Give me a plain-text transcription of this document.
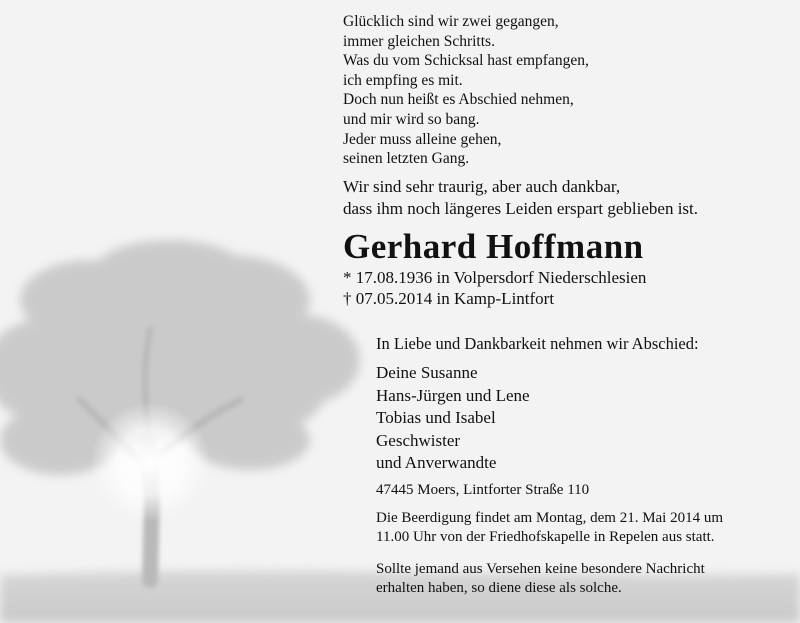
Glücklich sind wir zwei gegangen,
immer gleichen Schritts.
Was du vom Schicksal hast empfangen,
ich empfing es mit.
Doch nun heißt es Abschied nehmen,
und mir wird so bang.
Jeder muss alleine gehen,
seinen letzten Gang.
Wir sind sehr traurig, aber auch dankbar,
dass ihm noch längeres Leiden erspart geblieben ist.
Gerhard Hoffmann
* 17.08.1936 in Volpersdorf Niederschlesien
† 07.05.2014 in Kamp-Lintfort
In Liebe und Dankbarkeit nehmen wir Abschied:
Deine Susanne
Hans-Jürgen und Lene
Tobias und Isabel
Geschwister
und Anverwandte
47445 Moers, Lintforter Straße 110
Die Beerdigung findet am Montag, dem 21. Mai 2014 um
11.00 Uhr von der Friedhofskapelle in Repelen aus statt.
Sollte jemand aus Versehen keine besondere Nachricht
erhalten haben, so diene diese als solche.
